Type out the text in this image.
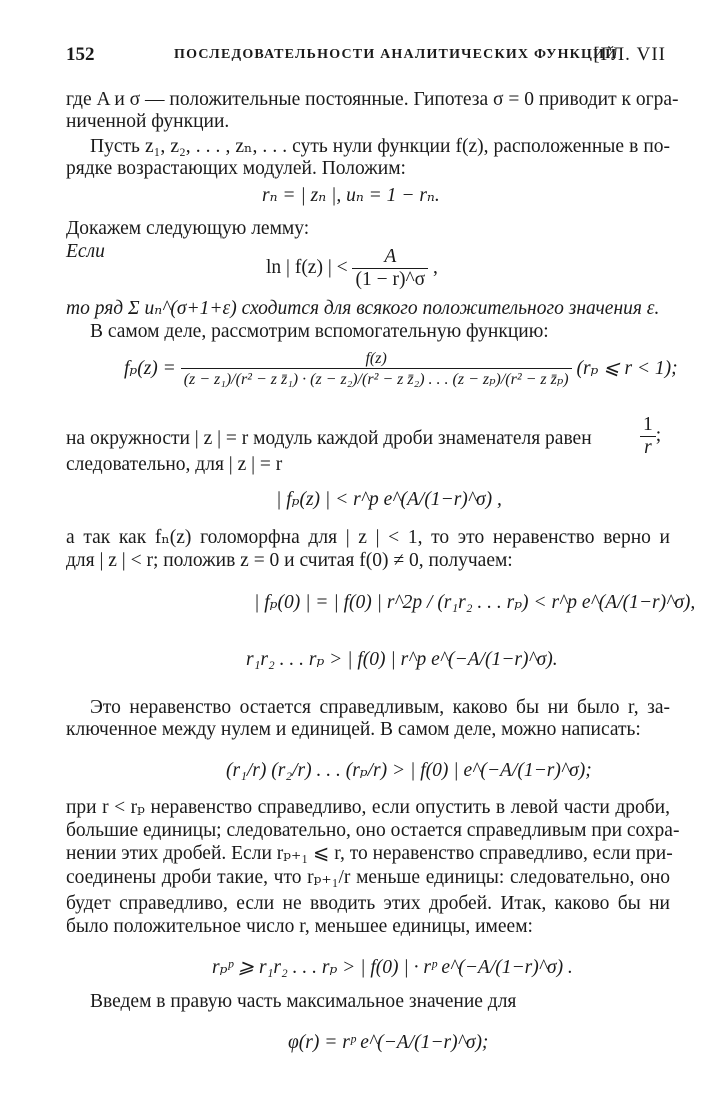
152	ПОСЛЕДОВАТЕЛЬНОСТИ АНАЛИТИЧЕСКИХ ФУНКЦИЙ
[ГЛ. VII
где A и σ — положительные постоянные. Гипотеза σ = 0 приводит к огра-
ниченной функции.
Пусть z₁, z₂, . . . , zₙ, . . . суть нули функции f(z), расположенные в по-
рядке возрастающих модулей. Положим:
rₙ = | zₙ |, uₙ = 1 − rₙ.
Докажем следующую лемму:
Если
ln | f(z) | < $\frac{A}{(1 - r)\^{}\sigma}$ ,
то ряд Σ uₙ^(σ+1+ε) сходится для всякого положительного значения ε.
В самом деле, рассмотрим вспомогательную функцию:
fₚ(z) =	f(z)
(z − z₁)/(r² − z z̄₁) · (z − z₂)/(r² − z z̄₂) . . . (z − zₚ)/(r² − z z̄ₚ)
(rₚ ⩽ r < 1);
на окружности | z | = r модуль каждой дроби знаменателя равен	$\frac{1}{r}$ ;
следовательно, для | z | = r
| fₚ(z) | < r^p e^(A/(1−r)^σ) ,
а так как fₙ(z) голоморфна для | z | < 1, то это неравенство верно и
для | z | < r; положив z = 0 и считая f(0) ≠ 0, получаем:
| fₚ(0) | = | f(0) | r^2p / (r₁r₂ . . . rₚ) < r^p e^(A/(1−r)^σ),
r₁r₂ . . . rₚ > | f(0) | r^p e^(−A/(1−r)^σ).
Это неравенство остается справедливым, каково бы ни было r, за-
ключенное между нулем и единицей. В самом деле, можно написать:
(r₁/r) (r₂/r) . . . (rₚ/r) > | f(0) | e^(−A/(1−r)^σ);
при r < rₚ неравенство справедливо, если опустить в левой части дроби,
большие единицы; следовательно, оно остается справедливым при сохра-
нении этих дробей. Если rₚ₊₁ ⩽ r, то неравенство справедливо, если при-
соединены дроби такие, что rₚ₊₁/r меньше единицы: следовательно, оно
будет справедливо, если не вводить этих дробей. Итак, каково бы ни
было положительное число r, меньшее единицы, имеем:
rₚᵖ ⩾ r₁r₂ . . . rₚ > | f(0) | · rᵖ e^(−A/(1−r)^σ) .
Введем в правую часть максимальное значение для
φ(r) = rᵖ e^(−A/(1−r)^σ);
